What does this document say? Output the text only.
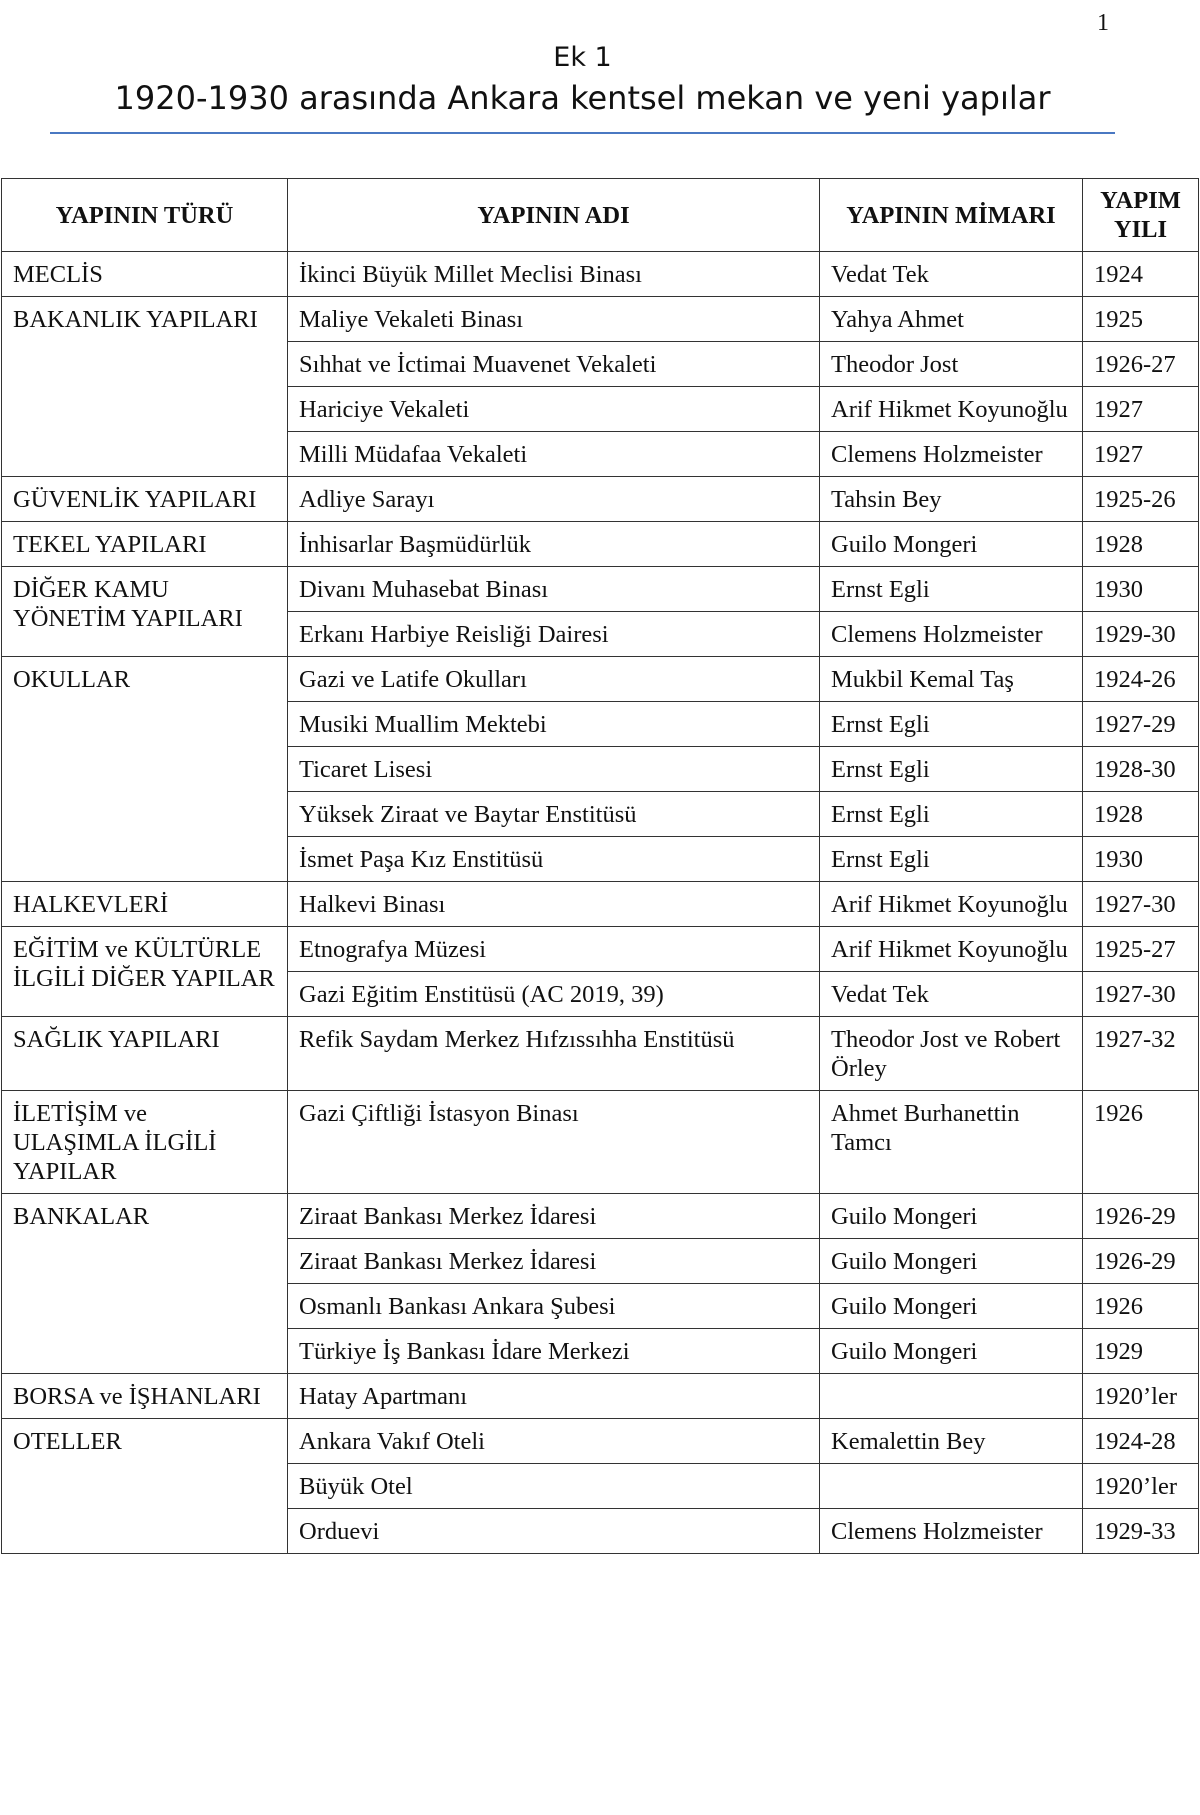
1
Ek 1
1920-1930 arasında Ankara kentsel mekan ve yeni yapılar
YAPININ TÜRÜ	YAPININ ADI	YAPININ MİMARI	YAPIM YILI
MECLİS	İkinci Büyük Millet Meclisi Binası	Vedat Tek	1924
BAKANLIK YAPILARI	Maliye Vekaleti Binası	Yahya Ahmet	1925
	Sıhhat ve İctimai Muavenet Vekaleti	Theodor Jost	1926-27
	Hariciye Vekaleti	Arif Hikmet Koyunoğlu	1927
	Milli Müdafaa Vekaleti	Clemens Holzmeister	1927
GÜVENLİK YAPILARI	Adliye Sarayı	Tahsin Bey	1925-26
TEKEL YAPILARI	İnhisarlar Başmüdürlük	Guilo Mongeri	1928
DİĞER KAMU YÖNETİM YAPILARI	Divanı Muhasebat Binası	Ernst Egli	1930
	Erkanı Harbiye Reisliği Dairesi	Clemens Holzmeister	1929-30
OKULLAR	Gazi ve Latife Okulları	Mukbil Kemal Taş	1924-26
	Musiki Muallim Mektebi	Ernst Egli	1927-29
	Ticaret Lisesi	Ernst Egli	1928-30
	Yüksek Ziraat ve Baytar Enstitüsü	Ernst Egli	1928
	İsmet Paşa Kız Enstitüsü	Ernst Egli	1930
HALKEVLERİ	Halkevi Binası	Arif Hikmet Koyunoğlu	1927-30
EĞİTİM ve KÜLTÜRLE İLGİLİ DİĞER YAPILAR	Etnografya Müzesi	Arif Hikmet Koyunoğlu	1925-27
	Gazi Eğitim Enstitüsü (AC 2019, 39)	Vedat Tek	1927-30
SAĞLIK YAPILARI	Refik Saydam Merkez Hıfzıssıhha Enstitüsü	Theodor Jost ve Robert Örley	1927-32
İLETİŞİM ve ULAŞIMLA İLGİLİ YAPILAR	Gazi Çiftliği İstasyon Binası	Ahmet Burhanettin Tamcı	1926
BANKALAR	Ziraat Bankası Merkez İdaresi	Guilo Mongeri	1926-29
	Ziraat Bankası Merkez İdaresi	Guilo Mongeri	1926-29
	Osmanlı Bankası Ankara Şubesi	Guilo Mongeri	1926
	Türkiye İş Bankası İdare Merkezi	Guilo Mongeri	1929
BORSA ve İŞHANLARI	Hatay Apartmanı		1920’ler
OTELLER	Ankara Vakıf Oteli	Kemalettin Bey	1924-28
	Büyük Otel		1920’ler
	Orduevi	Clemens Holzmeister	1929-33
